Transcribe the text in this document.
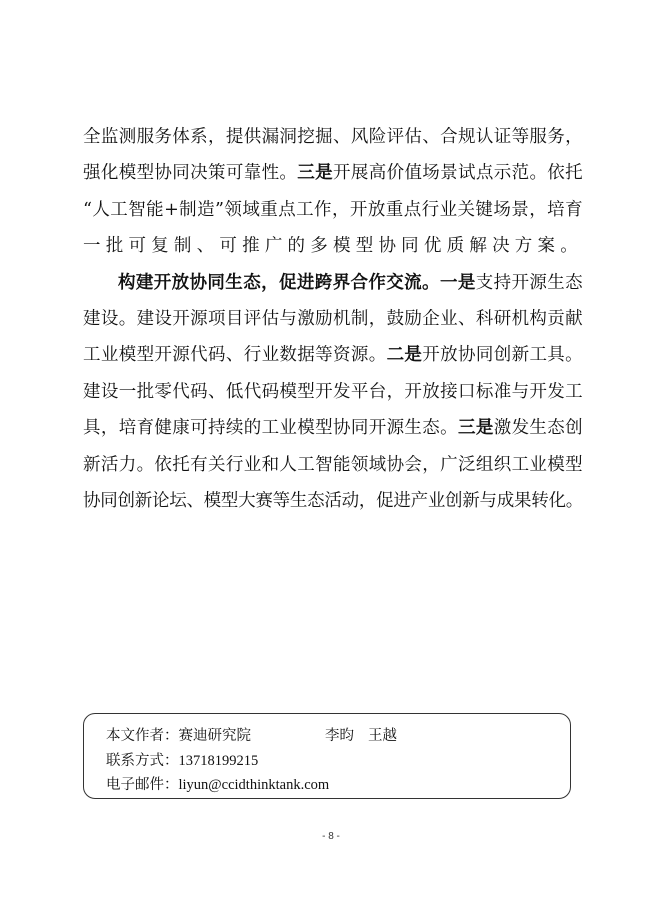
全监测服务体系，提供漏洞挖掘、风险评估、合规认证等服务，
强化模型协同决策可靠性。三是开展高价值场景试点示范。依托
“人工智能+制造”领域重点工作，开放重点行业关键场景，培育
一批可复制、可推广的多模型协同优质解决方案。
构建开放协同生态，促进跨界合作交流。一是支持开源生态
建设。建设开源项目评估与激励机制，鼓励企业、科研机构贡献
工业模型开源代码、行业数据等资源。二是开放协同创新工具。
建设一批零代码、低代码模型开发平台，开放接口标准与开发工
具，培育健康可持续的工业模型协同开源生态。三是激发生态创
新活力。依托有关行业和人工智能领域协会，广泛组织工业模型
协同创新论坛、模型大赛等生态活动，促进产业创新与成果转化。
本文作者：赛迪研究院	李昀 王越
联系方式：13718199215
电子邮件：liyun@ccidthinktank.com
- 8 -
